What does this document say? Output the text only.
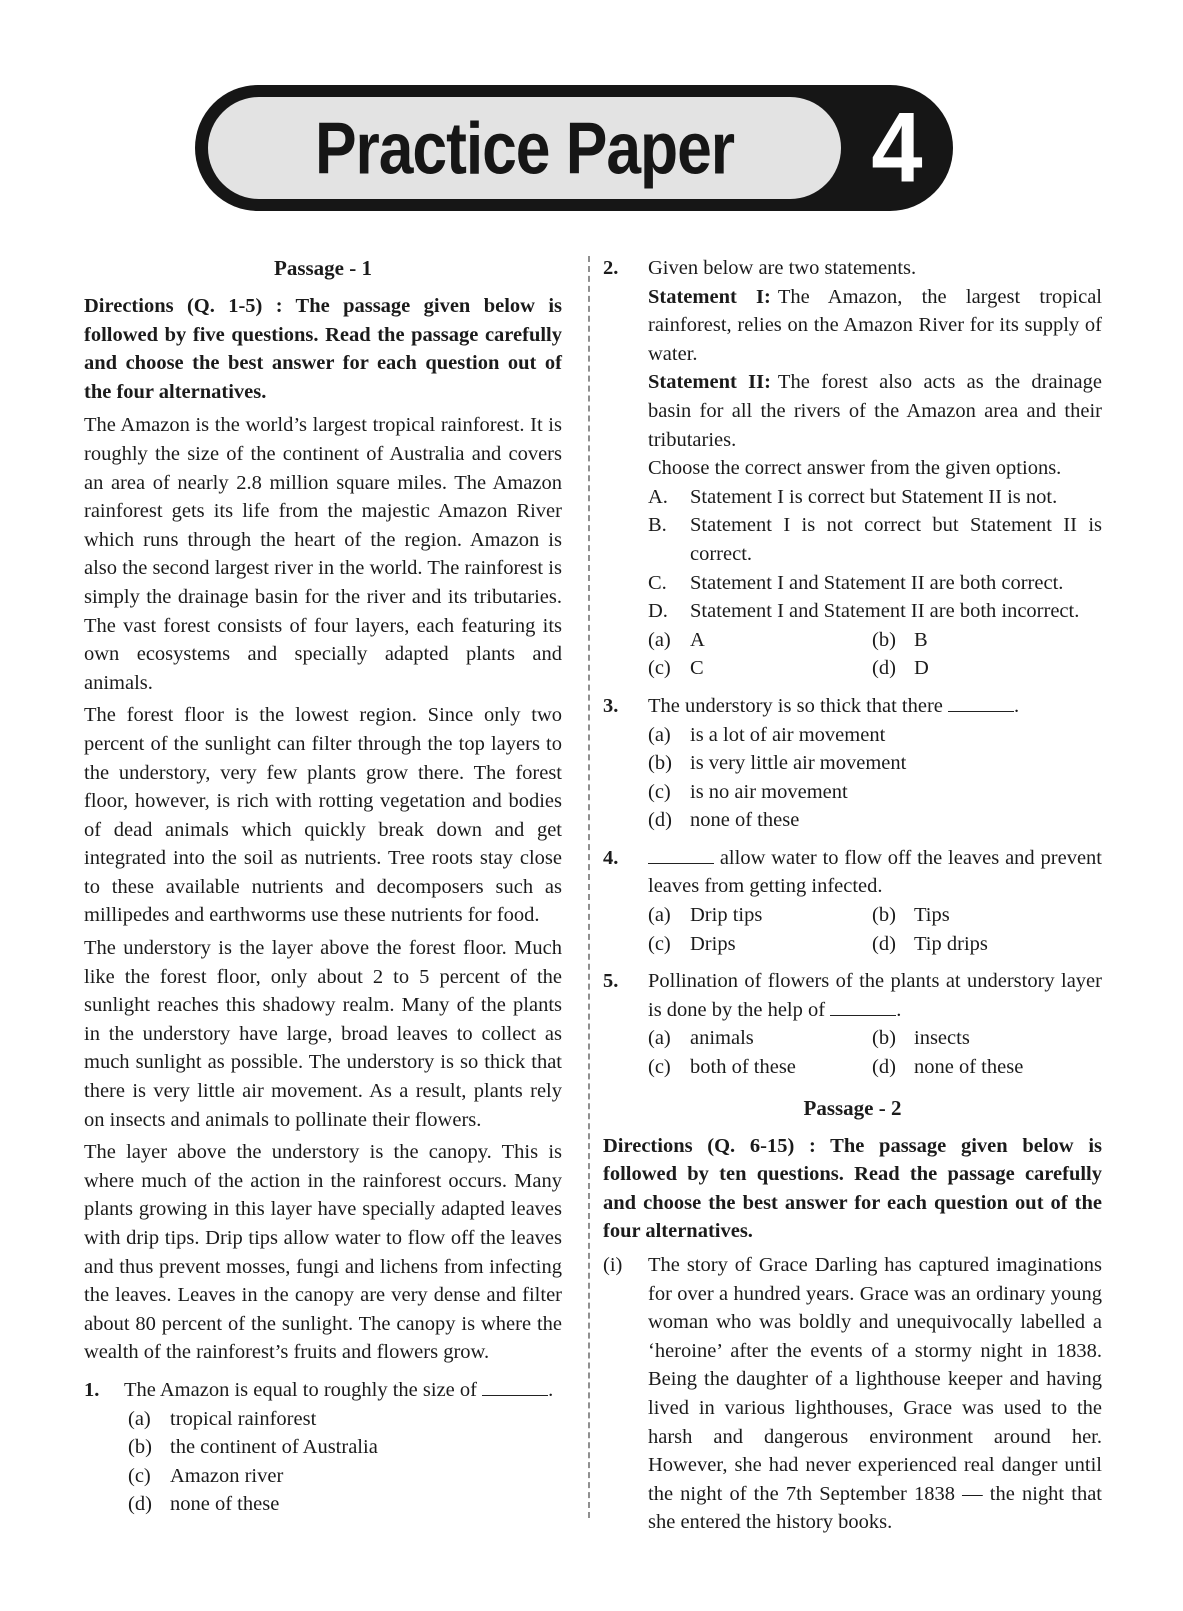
Practice Paper	4
Passage - 1

Directions (Q. 1-5) : The passage given below is followed by five questions. Read the passage carefully and choose the best answer for each question out of the four alternatives.

The Amazon is the world’s largest tropical rainforest. It is roughly the size of the continent of Australia and covers an area of nearly 2.8 million square miles. The Amazon rainforest gets its life from the majestic Amazon River which runs through the heart of the region. Amazon is also the second largest river in the world. The rainforest is simply the drainage basin for the river and its tributaries. The vast forest consists of four layers, each featuring its own ecosystems and specially adapted plants and animals.

The forest floor is the lowest region. Since only two percent of the sunlight can filter through the top layers to the understory, very few plants grow there. The forest floor, however, is rich with rotting vegetation and bodies of dead animals which quickly break down and get integrated into the soil as nutrients. Tree roots stay close to these available nutrients and decomposers such as millipedes and earthworms use these nutrients for food.

The understory is the layer above the forest floor. Much like the forest floor, only about 2 to 5 percent of the sunlight reaches this shadowy realm. Many of the plants in the understory have large, broad leaves to collect as much sunlight as possible. The understory is so thick that there is very little air movement. As a result, plants rely on insects and animals to pollinate their flowers.

The layer above the understory is the canopy. This is where much of the action in the rainforest occurs. Many plants growing in this layer have specially adapted leaves with drip tips. Drip tips allow water to flow off the leaves and thus prevent mosses, fungi and lichens from infecting the leaves. Leaves in the canopy are very dense and filter about 80 percent of the sunlight. The canopy is where the wealth of the rainforest’s fruits and flowers grow.

1.	The Amazon is equal to roughly the size of	.

(a) tropical rainforest
(b) the continent of Australia
(c) Amazon river
(d) none of these
2.	Given below are two statements.

Statement I: The Amazon, the largest tropical rainforest, relies on the Amazon River for its supply of water.

Statement II: The forest also acts as the drainage basin for all the rivers of the Amazon area and their tributaries.

Choose the correct answer from the given options.

A.	Statement I is correct but Statement II is not.
B.	Statement I is not correct but Statement II is correct.
C.	Statement I and Statement II are both correct.
D.	Statement I and Statement II are both incorrect.
(a) A	(b) B
(c) C	(d) D
3.	The understory is so thick that there	.

(a) is a lot of air movement
(b) is very little air movement
(c) is no air movement
(d) none of these
4.	allow water to flow off the leaves and prevent leaves from getting infected.

(a) Drip tips	(b) Tips
(c) Drips	(d) Tip drips
5.	Pollination of flowers of the plants at understory layer is done by the help of	.

(a) animals	(b) insects
(c) both of these	(d) none of these
Passage - 2

Directions (Q. 6-15) : The passage given below is followed by ten questions. Read the passage carefully and choose the best answer for each question out of the four alternatives.

(i)	The story of Grace Darling has captured imaginations for over a hundred years. Grace was an ordinary young woman who was boldly and unequivocally labelled a ‘heroine’ after the events of a stormy night in 1838. Being the daughter of a lighthouse keeper and having lived in various lighthouses, Grace was used to the harsh and dangerous environment around her. However, she had never experienced real danger until the night of the 7th September 1838 — the night that she entered the history books.
